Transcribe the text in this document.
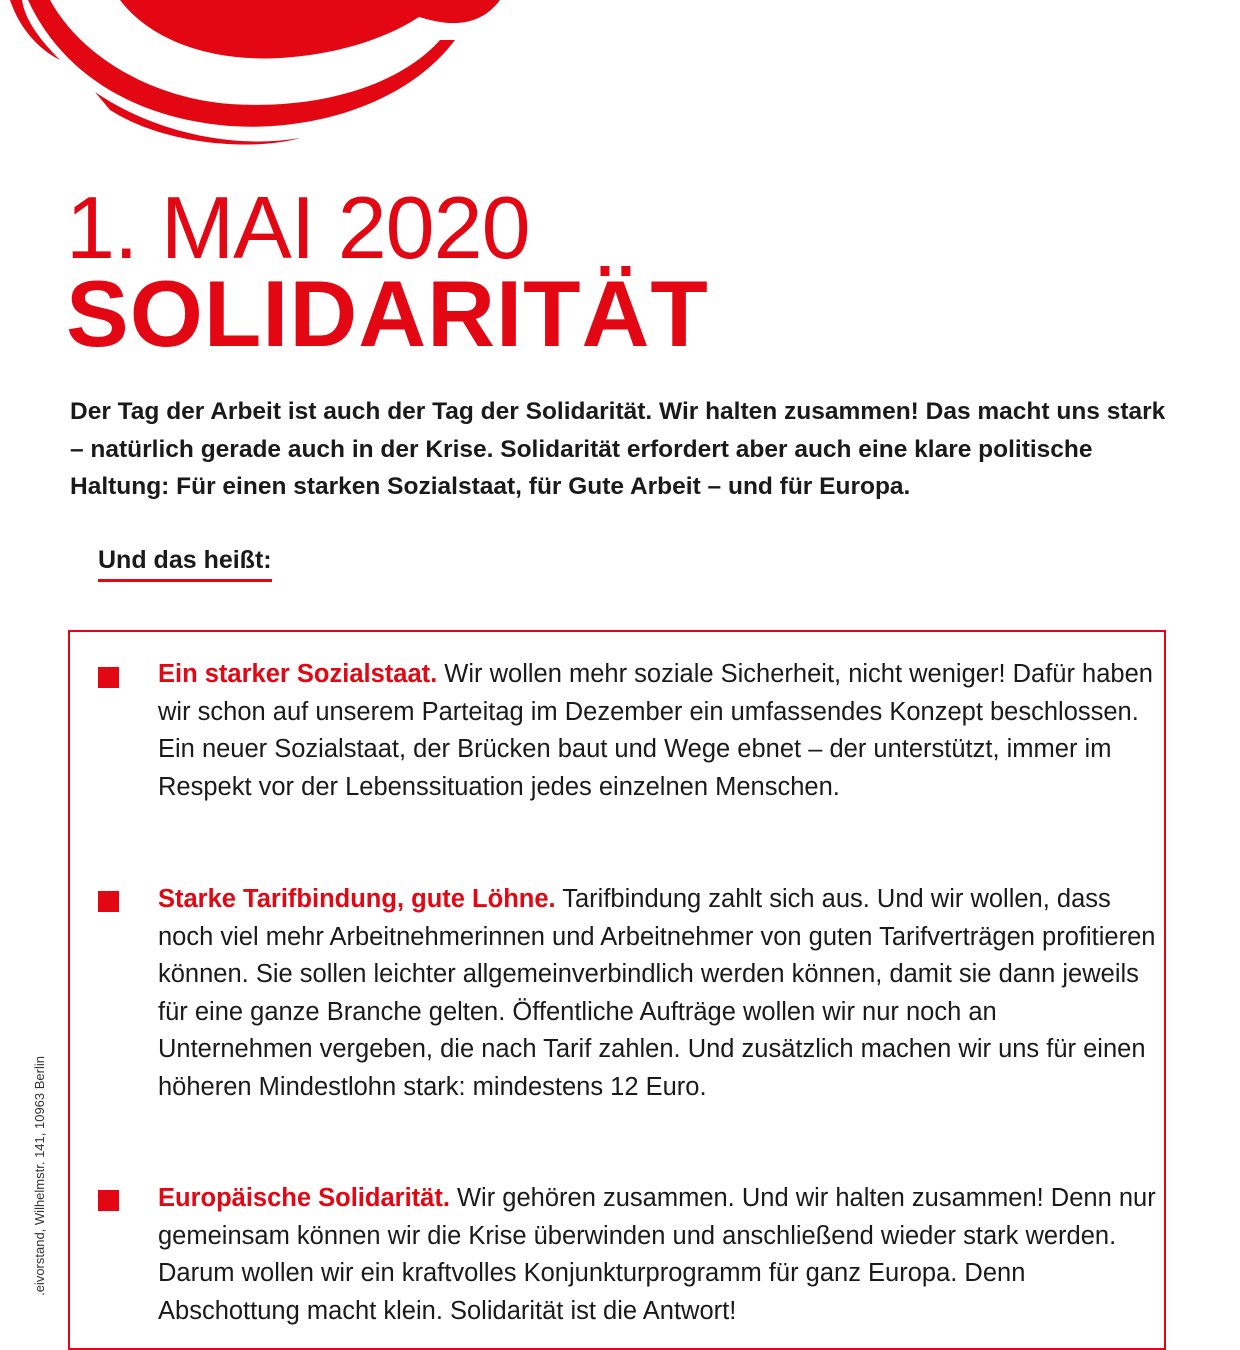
1. MAI 2020
SOLIDARITÄT

Der Tag der Arbeit ist auch der Tag der Solidarität. Wir halten zusammen! Das macht uns stark – natürlich gerade auch in der Krise. Solidarität erfordert aber auch eine klare politische Haltung: Für einen starken Sozialstaat, für Gute Arbeit – und für Europa.

Und das heißt:

Ein starker Sozialstaat. Wir wollen mehr soziale Sicherheit, nicht weniger! Dafür haben wir schon auf unserem Parteitag im Dezember ein umfassendes Konzept beschlossen. Ein neuer Sozialstaat, der Brücken baut und Wege ebnet – der unterstützt, immer im Respekt vor der Lebenssituation jedes einzelnen Menschen.

Starke Tarifbindung, gute Löhne. Tarifbindung zahlt sich aus. Und wir wollen, dass noch viel mehr Arbeitnehmerinnen und Arbeitnehmer von guten Tarifverträgen profitieren können. Sie sollen leichter allgemeinverbindlich werden können, damit sie dann jeweils für eine ganze Branche gelten. Öffentliche Aufträge wollen wir nur noch an Unternehmen vergeben, die nach Tarif zahlen. Und zusätzlich machen wir uns für einen höheren Mindestlohn stark: mindestens 12 Euro.

Europäische Solidarität. Wir gehören zusammen. Und wir halten zusammen! Denn nur gemeinsam können wir die Krise überwinden und anschließend wieder stark werden. Darum wollen wir ein kraftvolles Konjunkturprogramm für ganz Europa. Denn Abschottung macht klein. Solidarität ist die Antwort!

eivorstand, Wilhelmstr. 141, 10963 Berlin.
